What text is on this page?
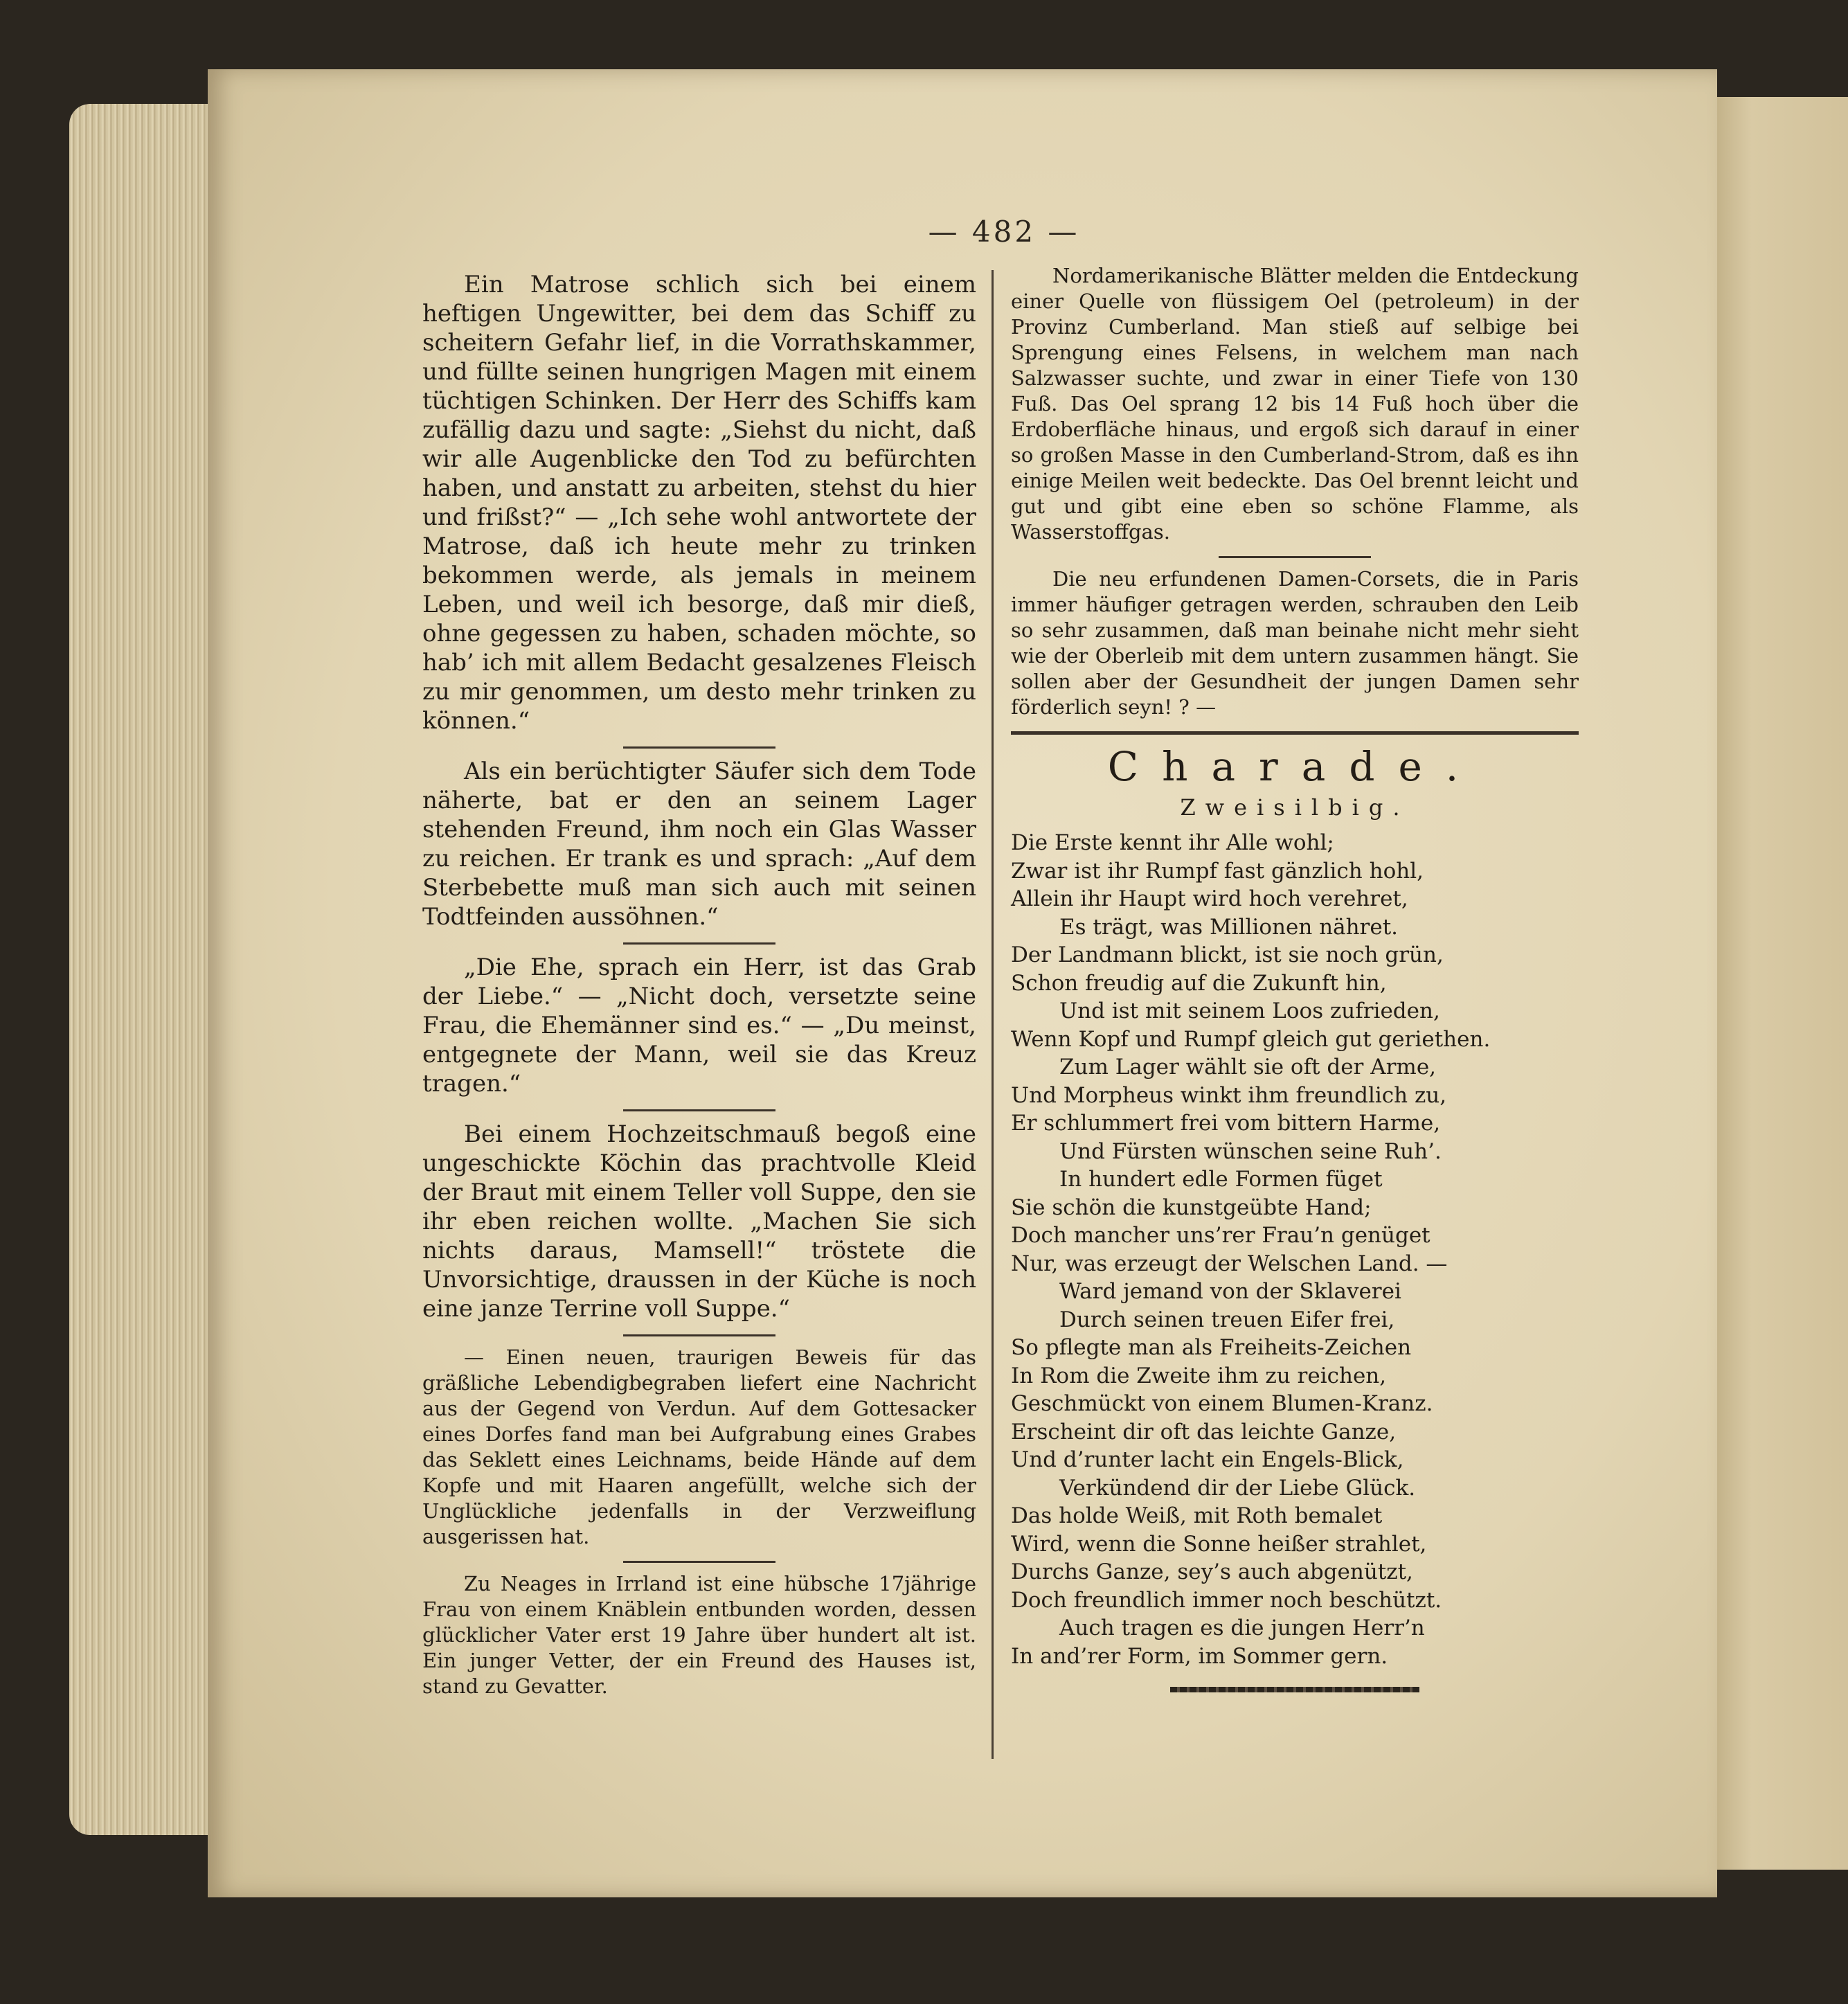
— 482 —

Ein Matrose schlich sich bei einem heftigen Ungewitter, bei dem das Schiff zu scheitern Gefahr lief, in die Vorrathskammer, und füllte seinen hungrigen Magen mit einem tüchtigen Schinken. Der Herr des Schiffs kam zufällig dazu und sagte: „Siehst du nicht, daß wir alle Augenblicke den Tod zu befürchten haben, und anstatt zu arbeiten, stehst du hier und frißst?“ — „Ich sehe wohl antwortete der Matrose, daß ich heute mehr zu trinken bekommen werde, als jemals in meinem Leben, und weil ich besorge, daß mir dieß, ohne gegessen zu haben, schaden möchte, so hab’ ich mit allem Bedacht gesalzenes Fleisch zu mir genommen, um desto mehr trinken zu können.“

Als ein berüchtigter Säufer sich dem Tode näherte, bat er den an seinem Lager stehenden Freund, ihm noch ein Glas Wasser zu reichen. Er trank es und sprach: „Auf dem Sterbebette muß man sich auch mit seinen Todtfeinden aussöhnen.“

„Die Ehe, sprach ein Herr, ist das Grab der Liebe.“ — „Nicht doch, versetzte seine Frau, die Ehemänner sind es.“ — „Du meinst, entgegnete der Mann, weil sie das Kreuz tragen.“

Bei einem Hochzeitschmauß begoß eine ungeschickte Köchin das prachtvolle Kleid der Braut mit einem Teller voll Suppe, den sie ihr eben reichen wollte. „Machen Sie sich nichts daraus, Mamsell!“ tröstete die Unvorsichtige, draussen in der Küche is noch eine janze Terrine voll Suppe.“

— Einen neuen, traurigen Beweis für das gräßliche Lebendigbegraben liefert eine Nachricht aus der Gegend von Verdun. Auf dem Gottesacker eines Dorfes fand man bei Aufgrabung eines Grabes das Seklett eines Leichnams, beide Hände auf dem Kopfe und mit Haaren angefüllt, welche sich der Unglückliche jedenfalls in der Verzweiflung ausgerissen hat.

Zu Neages in Irrland ist eine hübsche 17jährige Frau von einem Knäblein entbunden worden, dessen glücklicher Vater erst 19 Jahre über hundert alt ist. Ein junger Vetter, der ein Freund des Hauses ist, stand zu Gevatter.

Nordamerikanische Blätter melden die Entdeckung einer Quelle von flüssigem Oel (petroleum) in der Provinz Cumberland. Man stieß auf selbige bei Sprengung eines Felsens, in welchem man nach Salzwasser suchte, und zwar in einer Tiefe von 130 Fuß. Das Oel sprang 12 bis 14 Fuß hoch über die Erdoberfläche hinaus, und ergoß sich darauf in einer so großen Masse in den Cumberland-Strom, daß es ihn einige Meilen weit bedeckte. Das Oel brennt leicht und gut und gibt eine eben so schöne Flamme, als Wasserstoffgas.

Die neu erfundenen Damen-Corsets, die in Paris immer häufiger getragen werden, schrauben den Leib so sehr zusammen, daß man beinahe nicht mehr sieht wie der Oberleib mit dem untern zusammen hängt. Sie sollen aber der Gesundheit der jungen Damen sehr förderlich seyn! ? —

Charade.
Zweisilbig.
Die Erste kennt ihr Alle wohl;
Zwar ist ihr Rumpf fast gänzlich hohl,
Allein ihr Haupt wird hoch verehret,
Es trägt, was Millionen nähret.
Der Landmann blickt, ist sie noch grün,
Schon freudig auf die Zukunft hin,
Und ist mit seinem Loos zufrieden,
Wenn Kopf und Rumpf gleich gut geriethen.
Zum Lager wählt sie oft der Arme,
Und Morpheus winkt ihm freundlich zu,
Er schlummert frei vom bittern Harme,
Und Fürsten wünschen seine Ruh’.
In hundert edle Formen füget
Sie schön die kunstgeübte Hand;
Doch mancher uns’rer Frau’n genüget
Nur, was erzeugt der Welschen Land. —
Ward jemand von der Sklaverei
Durch seinen treuen Eifer frei,
So pflegte man als Freiheits-Zeichen
In Rom die Zweite ihm zu reichen,
Geschmückt von einem Blumen-Kranz.
Erscheint dir oft das leichte Ganze,
Und d’runter lacht ein Engels-Blick,
Verkündend dir der Liebe Glück.
Das holde Weiß, mit Roth bemalet
Wird, wenn die Sonne heißer strahlet,
Durchs Ganze, sey’s auch abgenützt,
Doch freundlich immer noch beschützt.
Auch tragen es die jungen Herr’n
In and’rer Form, im Sommer gern.
